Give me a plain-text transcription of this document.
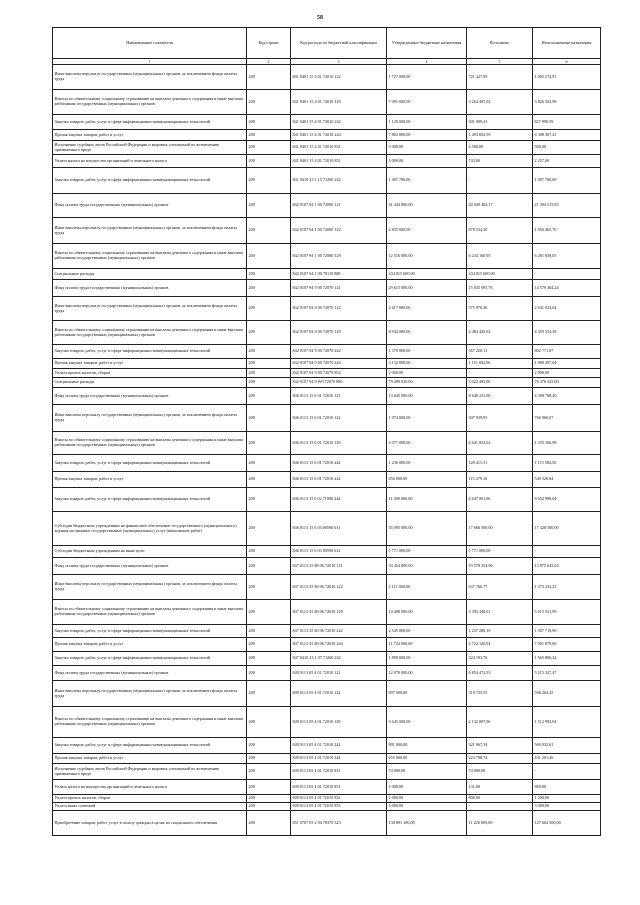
58
Наименование показателя	Код строки	Код расхода по бюджетной классификации	Утвержденные бюджетные назначения	Исполнено	Неисполненные назначения
1	2	3	4	5	6
Иные выплаты персоналу государственных (муниципальных) органов, за исключением фонда оплаты труда	200	841 0401 15 4 01 72010 122	1 727 000,00	721 427,09	1 005 572,91
Взносы по обязательному социальному страхованию на выплаты денежного содержания и иные выплаты работникам государственных (муниципальных) органов	200	841 0401 15 4 01 72010 129	7 091 000,00	3 264 497,02	3 826 502,98
Закупка товаров, работ, услуг в сфере информационно-коммуникационных технологий	200	841 0401 15 4 01 72010 242	1 129 000,00	301 009,41	827 990,59
Прочая закупка товаров, работ и услуг	200	841 0401 15 4 01 72010 244	7 802 000,00	1 493 692,59	6 308 307,41
Исполнение судебных актов Российской Федерации и мировых соглашений по возмещению причиненного вреда	200	841 0401 15 4 01 72010 831	5 000,00	4 500,00	500,00
Уплата налога на имущество организаций и земельного налога	200	841 0401 15 4 01 72010 851	3 000,00	743,00	2 257,00
Закупка товаров, работ, услуг в сфере информационно-коммуникационных технологий	200	841 0410 23 1 15 71260 242	1 497 700,00	-	1 497 700,00
Фонд оплаты труда государственных (муниципальных) органов	200	842 0107 94 1 00 72080 121	41 444 000,00	20 049 484,17	21 394 515,83
Иные выплаты персоналу государственных (муниципальных) органов, за исключением фонда оплаты труда	200	842 0107 94 1 00 72080 122	2 835 000,00	878 534,30	1 956 465,70
Взносы по обязательному социальному страхованию на выплаты денежного содержания и иные выплаты работникам государственных (муниципальных) органов	200	842 0107 94 1 00 72080 129	12 516 000,00	6 234 160,95	6 281 839,05
Специальные расходы	200	842 0107 94 1 00 70110 880	234 015 000,00	234 015 000,00	-
Фонд оплаты труда государственных (муниципальных) органов	200	842 0107 94 9 00 72070 121	29 615 000,00	15 035 695,76	14 579 304,24
Иные выплаты персоналу государственных (муниципальных) органов, за исключением фонда оплаты труда	200	842 0107 94 9 00 72070 122	2 617 000,00	575 976,36	2 041 023,64
Взносы по обязательному социальному страхованию на выплаты денежного содержания и иные выплаты работникам государственных (муниципальных) органов	200	842 0107 94 9 00 72070 129	8 944 000,00	4 484 445,62	4 459 554,38
Закупка товаров, работ, услуг в сфере информационно-коммуникационных технологий	200	842 0107 94 9 00 72070 242	1 370 000,00	567 228,13	802 771,87
Прочая закупка товаров, работ и услуг	200	842 0107 94 9 00 72070 244	3 132 000,00	1 151 692,96	1 980 307,04
Уплата прочих налогов, сборов	200	842 0107 94 9 00 72070 852	2 000,00	-	2 000,00
Специальные расходы	200	842 0107 94 9 W0 72070 880	79 499 020,00	3 022 495,00	76 476 525,00
Фонд оплаты труда государственных (муниципальных) органов	200	846 0113 15 6 01 72010 121	13 045 000,00	8 646 231,60	4 398 768,40
Иные выплаты персоналу государственных (муниципальных) органов, за исключением фонда оплаты труда	200	846 0113 15 6 01 72010 122	1 074 000,00	307 039,93	766 960,07
Взносы по обязательному социальному страхованию на выплаты денежного содержания и иные выплаты работникам государственных (муниципальных) органов	200	846 0113 15 6 01 72010 129	4 077 000,00	2 641 833,02	1 435 166,98
Закупка товаров, работ, услуг в сфере информационно-коммуникационных технологий	200	846 0113 15 6 01 72010 242	1 236 000,00	120 415,51	1 115 584,50
Прочая закупка товаров, работ и услуг	200	846 0113 15 6 01 72010 244	656 000,00	115 479,16	540 520,84
Закупка товаров, работ, услуг в сфере информационно-коммуникационных технологий	200	846 0113 15 6 02 71090 242	11 300 000,00	2 647 001,96	8 652 998,04
Субсидии бюджетным учреждениям на финансовое обеспечение государственного (муниципального) задания на оказание государственных (муниципальных) услуг (выполнение работ)	200	846 0113 15 6 03 00590 611	35 095 000,00	17 666 500,00	17 428 500,00
Субсидии бюджетным учреждениям на иные цели	200	846 0113 15 6 03 00590 612	5 771 000,00	5 771 000,00	-
Фонд оплаты труда государственных (муниципальных) органов	200	847 0113 25 Ю 06 72010 121	33 454 000,00	19 578 354,96	13 875 645,04
Иные выплаты персоналу государственных (муниципальных) органов, за исключением фонда оплаты труда	200	847 0113 25 Ю 06 72010 122	2 111 000,00	637 766,77	1 473 233,23
Взносы по обязательному социальному страхованию на выплаты денежного содержания и иные выплаты работникам государственных (муниципальных) органов	200	847 0113 25 Ю 06 72010 129	10 408 000,00	5 392 448,01	5 015 551,99
Закупка товаров, работ, услуг в сфере информационно-коммуникационных технологий	200	847 0113 25 Ю 06 72010 242	2 545 000,00	1 237 280,10	1 307 719,90
Прочая закупка товаров, работ и услуг	200	847 0113 25 Ю 06 72010 244	11 724 000,00	4 722 120,94	7 001 879,06
Закупка товаров, работ, услуг в сфере информационно-коммуникационных технологий	200	847 0410 23 1 07 71260 242	1 890 000,00	324 193,76	1 565 806,24
Фонд оплаты труда государственных (муниципальных) органов	200	849 0113 05 4 01 72010 121	12 070 000,00	6 854 472,53	5 215 527,47
Иные выплаты персоналу государственных (муниципальных) органов, за исключением фонда оплаты труда	200	849 0113 05 4 01 72010 122	907 000,00	310 735,55	596 264,45
Взносы по обязательному социальному страхованию на выплаты денежного содержания и иные выплаты работникам государственных (муниципальных) органов	200	849 0113 05 4 01 72010 129	3 645 000,00	2 132 007,96	1 512 992,04
Закупка товаров, работ, услуг в сфере информационно-коммуникационных технологий	200	849 0113 05 4 01 72010 242	891 000,00	321 967,39	569 032,61
Прочая закупка товаров, работ и услуг	200	849 0113 05 4 01 72010 244	655 000,00	223 798,74	431 201,26
Исполнение судебных актов Российской Федерации и мировых соглашений по возмещению причиненного вреда	200	849 0113 05 4 01 72010 831	74 000,00	74 000,00	-
Уплата налога на имущество организаций и земельного налога	200	849 0113 05 4 01 72010 851	1 000,00	131,00	869,00
Уплата прочих налогов, сборов	200	849 0113 05 4 01 72010 852	2 000,00	800,00	1 200,00
Уплата иных платежей	200	849 0113 05 4 01 72010 853	3 000,00	-	3 000,00
Приобретение товаров, работ, услуг в пользу граждан в целях их социального обеспечения	200	851 0707 03 2 04 70370 323	138 891 100,00	11 226 600,00	127 664 500,00
